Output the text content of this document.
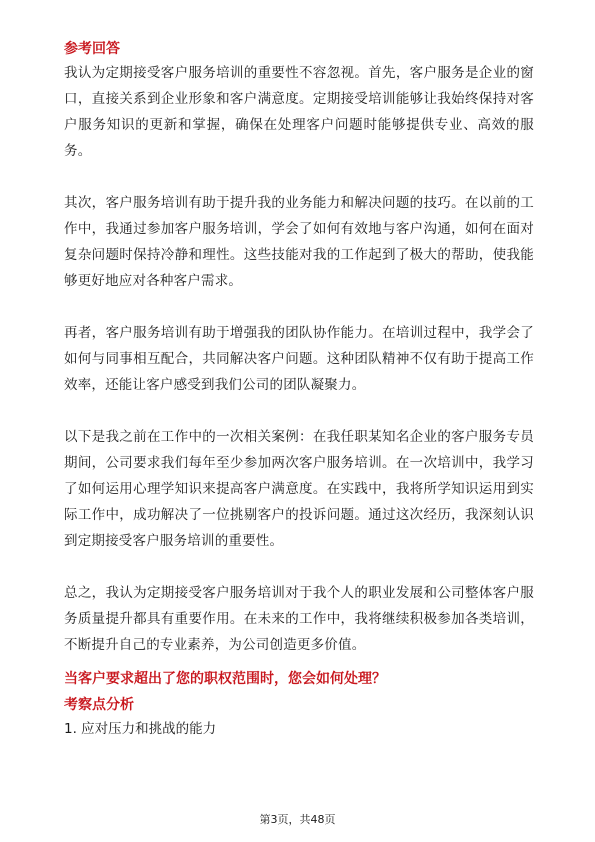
参考回答

我认为定期接受客户服务培训的重要性不容忽视。首先，客户服务是企业的窗口，直接关系到企业形象和客户满意度。定期接受培训能够让我始终保持对客户服务知识的更新和掌握，确保在处理客户问题时能够提供专业、高效的服务。

其次，客户服务培训有助于提升我的业务能力和解决问题的技巧。在以前的工作中，我通过参加客户服务培训，学会了如何有效地与客户沟通，如何在面对复杂问题时保持冷静和理性。这些技能对我的工作起到了极大的帮助，使我能够更好地应对各种客户需求。

再者，客户服务培训有助于增强我的团队协作能力。在培训过程中，我学会了如何与同事相互配合，共同解决客户问题。这种团队精神不仅有助于提高工作效率，还能让客户感受到我们公司的团队凝聚力。

以下是我之前在工作中的一次相关案例：在我任职某知名企业的客户服务专员期间，公司要求我们每年至少参加两次客户服务培训。在一次培训中，我学习了如何运用心理学知识来提高客户满意度。在实践中，我将所学知识运用到实际工作中，成功解决了一位挑剔客户的投诉问题。通过这次经历，我深刻认识到定期接受客户服务培训的重要性。

总之，我认为定期接受客户服务培训对于我个人的职业发展和公司整体客户服务质量提升都具有重要作用。在未来的工作中，我将继续积极参加各类培训，不断提升自己的专业素养，为公司创造更多价值。

当客户要求超出了您的职权范围时，您会如何处理？

考察点分析

1. 应对压力和挑战的能力

第3页，共48页
